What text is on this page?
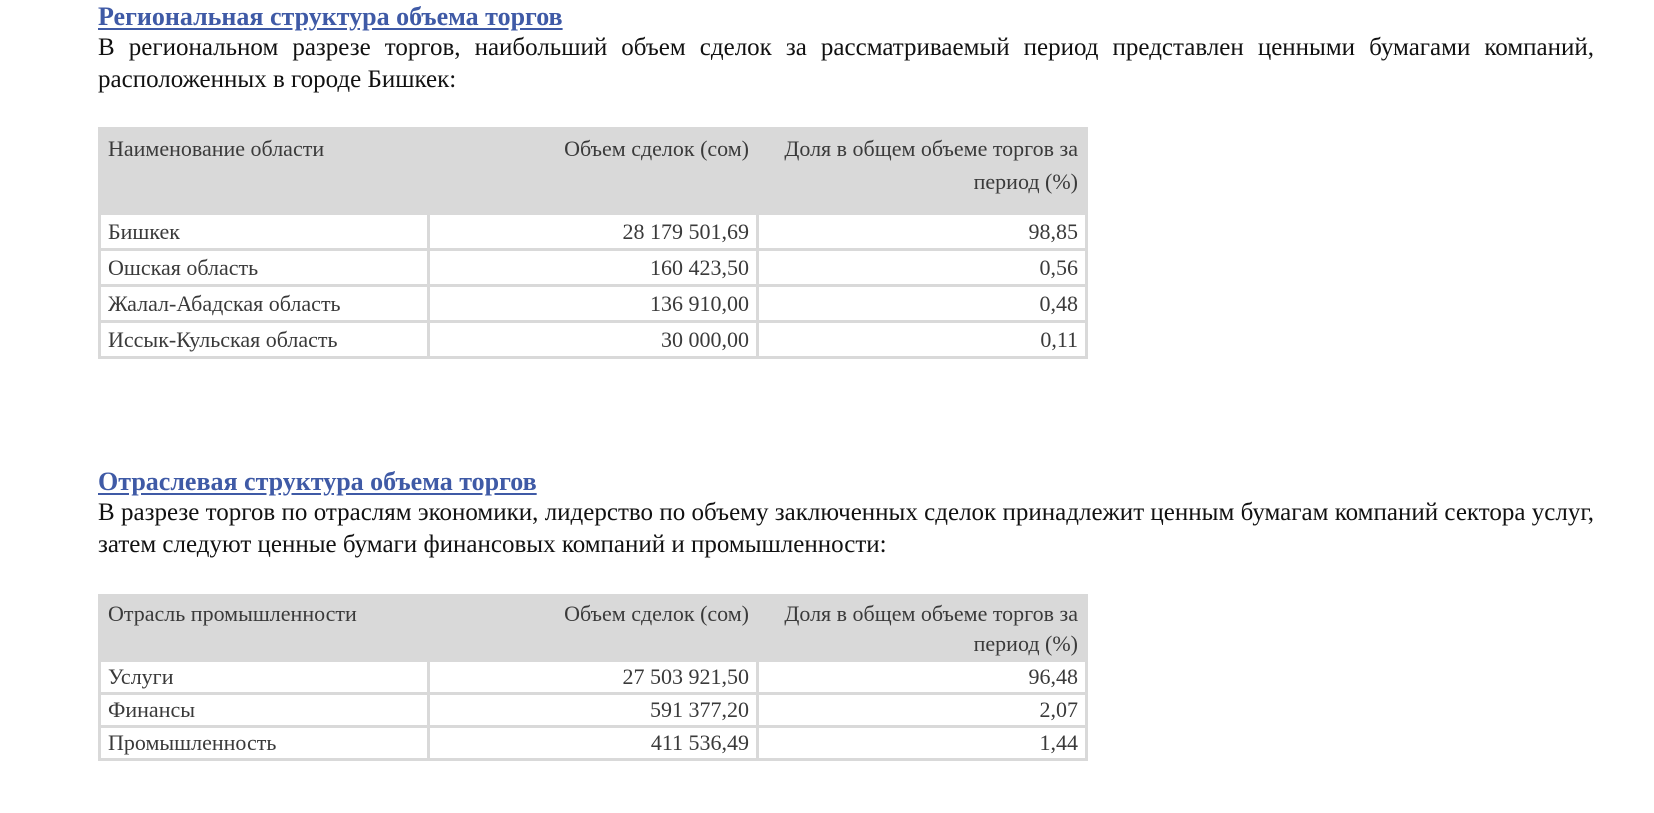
Региональная структура объема торгов

В региональном разрезе торгов, наибольший объем сделок за рассматриваемый период представлен ценными бумагами компаний, расположенных в городе Бишкек:

Наименование области	Объем сделок (сом)	Доля в общем объеме торгов за период (%)
Бишкек	28 179 501,69	98,85
Ошская область	160 423,50	0,56
Жалал-Абадская область	136 910,00	0,48
Иссык-Кульская область	30 000,00	0,11
Отраслевая структура объема торгов

В разрезе торгов по отраслям экономики, лидерство по объему заключенных сделок принадлежит ценным бумагам компаний сектора услуг, затем следуют ценные бумаги финансовых компаний и промышленности:

Отрасль промышленности	Объем сделок (сом)	Доля в общем объеме торгов за период (%)
Услуги	27 503 921,50	96,48
Финансы	591 377,20	2,07
Промышленность	411 536,49	1,44
